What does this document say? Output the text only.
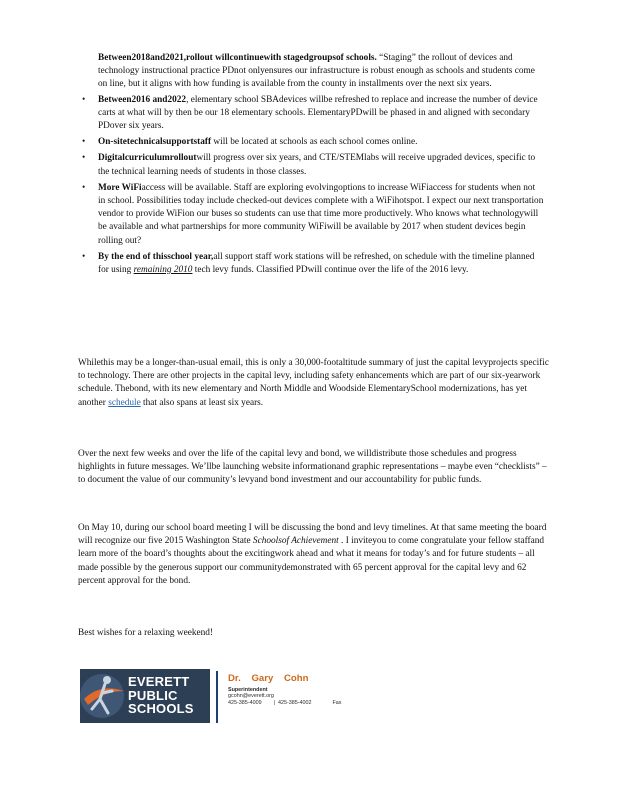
Between2018and2021,rollout willcontinuewith stagedgroupsof schools. “Staging” the rollout of devices and technology instructional practice PDnot onlyensures our infrastructure is robust enough as schools and students come on line, but it aligns with how funding is available from the county in installments over the next six years.
•	Between2016 and2022, elementary school SBAdevices willbe refreshed to replace and increase the number of device carts at what will by then be our 18 elementary schools. ElementaryPDwill be phased in and aligned with secondary PDover six years.
•	On-sitetechnicalsupportstaff will be located at schools as each school comes online.
•	Digitalcurriculumrolloutwill progress over six years, and CTE/STEMlabs will receive upgraded devices, specific to the technical learning needs of students in those classes.
•	More WiFiaccess will be available. Staff are exploring evolvingoptions to increase WiFiaccess for students when not in school. Possibilities today include checked-out devices complete with a WiFihotspot. I expect our next transportation vendor to provide WiFion our buses so students can use that time more productively. Who knows what technologywill be available and what partnerships for more community WiFiwill be available by 2017 when student devices begin rolling out?
•	By the end of thisschool year,all support staff work stations will be refreshed, on schedule with the timeline planned for using remaining 2010 tech levy funds. Classified PDwill continue over the life of the 2016 levy.

Whilethis may be a longer-than-usual email, this is only a 30,000-footaltitude summary of just the capital levyprojects specific to technology. There are other projects in the capital levy, including safety enhancements which are part of our six-yearwork schedule. Thebond, with its new elementary and North Middle and Woodside ElementarySchool modernizations, has yet another schedule that also spans at least six years.

Over the next few weeks and over the life of the capital levy and bond, we willdistribute those schedules and progress highlights in future messages. We’llbe launching website informationand graphic representations – maybe even “checklists” – to document the value of our community’s levyand bond investment and our accountability for public funds.

On May 10, during our school board meeting I will be discussing the bond and levy timelines. At that same meeting the board will recognize our five 2015 Washington State Schoolsof Achievement . I inviteyou to come congratulate your fellow staffand learn more of the board’s thoughts about the excitingwork ahead and what it means for today’s and for future students – all made possible by the generous support our communitydemonstrated with 65 percent approval for the capital levy and 62 percent approval for the bond.

Best wishes for a relaxing weekend!

EVERETT
PUBLIC
SCHOOLS
Dr. Gary Cohn
Superintendent
gcohn@everett.org
425-385-4009        |  425-385-4002              Fax
